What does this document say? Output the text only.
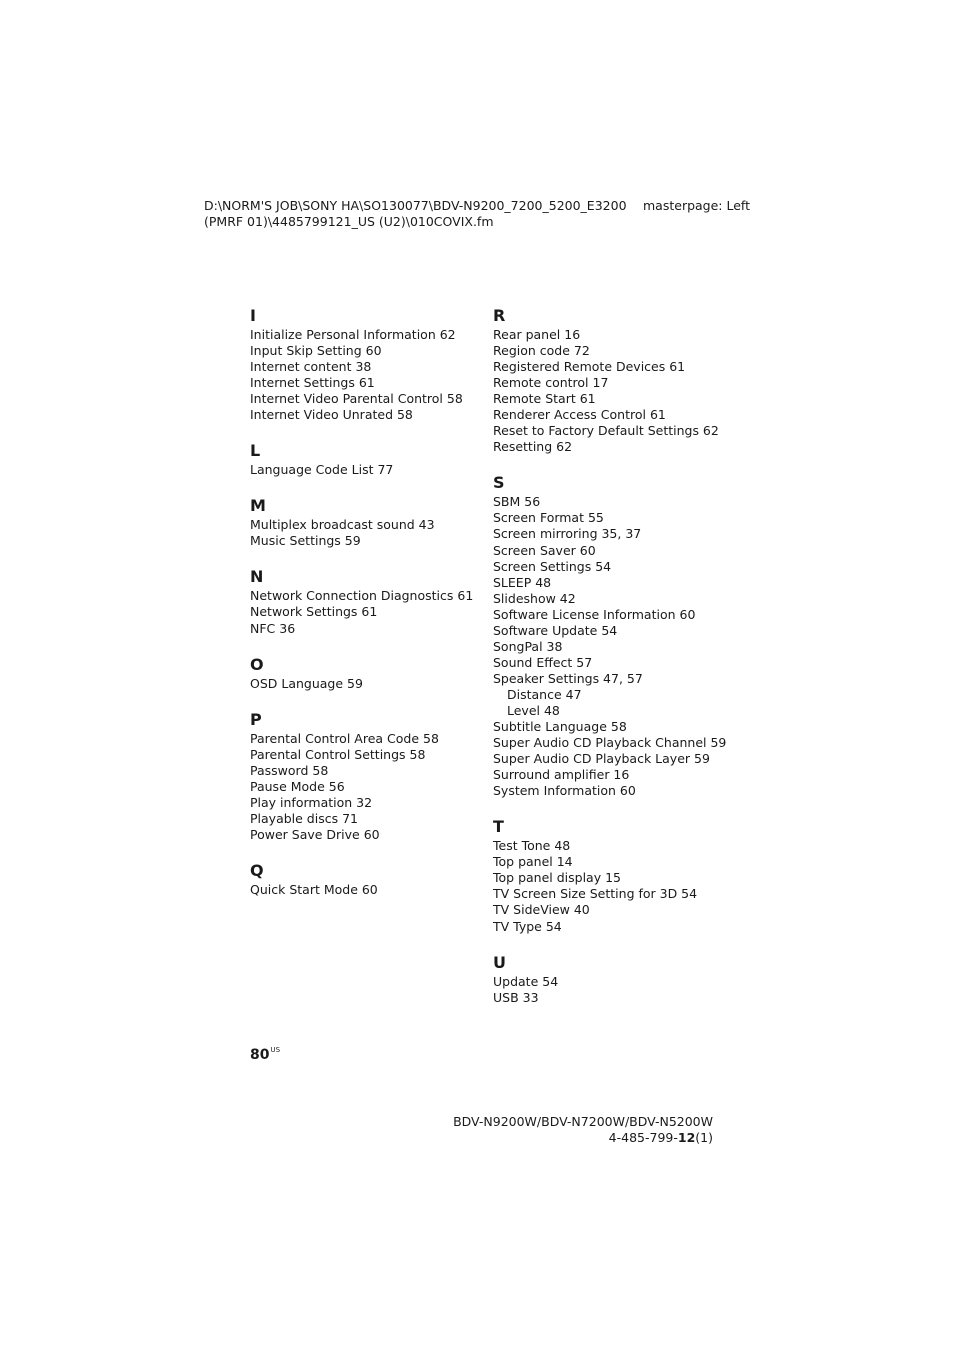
D:\NORM'S JOB\SONY HA\SO130077\BDV-N9200_7200_5200_E3200
(PMRF 01)\4485799121_US (U2)\010COVIX.fm
masterpage: Left
I
Initialize Personal Information 62
Input Skip Setting 60
Internet content 38
Internet Settings 61
Internet Video Parental Control 58
Internet Video Unrated 58
L
Language Code List 77
M
Multiplex broadcast sound 43
Music Settings 59
N
Network Connection Diagnostics 61
Network Settings 61
NFC 36
O
OSD Language 59
P
Parental Control Area Code 58
Parental Control Settings 58
Password 58
Pause Mode 56
Play information 32
Playable discs 71
Power Save Drive 60
Q
Quick Start Mode 60
R
Rear panel 16
Region code 72
Registered Remote Devices 61
Remote control 17
Remote Start 61
Renderer Access Control 61
Reset to Factory Default Settings 62
Resetting 62
S
SBM 56
Screen Format 55
Screen mirroring 35, 37
Screen Saver 60
Screen Settings 54
SLEEP 48
Slideshow 42
Software License Information 60
Software Update 54
SongPal 38
Sound Effect 57
Speaker Settings 47, 57
Distance 47
Level 48
Subtitle Language 58
Super Audio CD Playback Channel 59
Super Audio CD Playback Layer 59
Surround amplifier 16
System Information 60
T
Test Tone 48
Top panel 14
Top panel display 15
TV Screen Size Setting for 3D 54
TV SideView 40
TV Type 54
U
Update 54
USB 33
$80^{US}$
BDV-N9200W/BDV-N7200W/BDV-N5200W
4-485-799-12(1)
